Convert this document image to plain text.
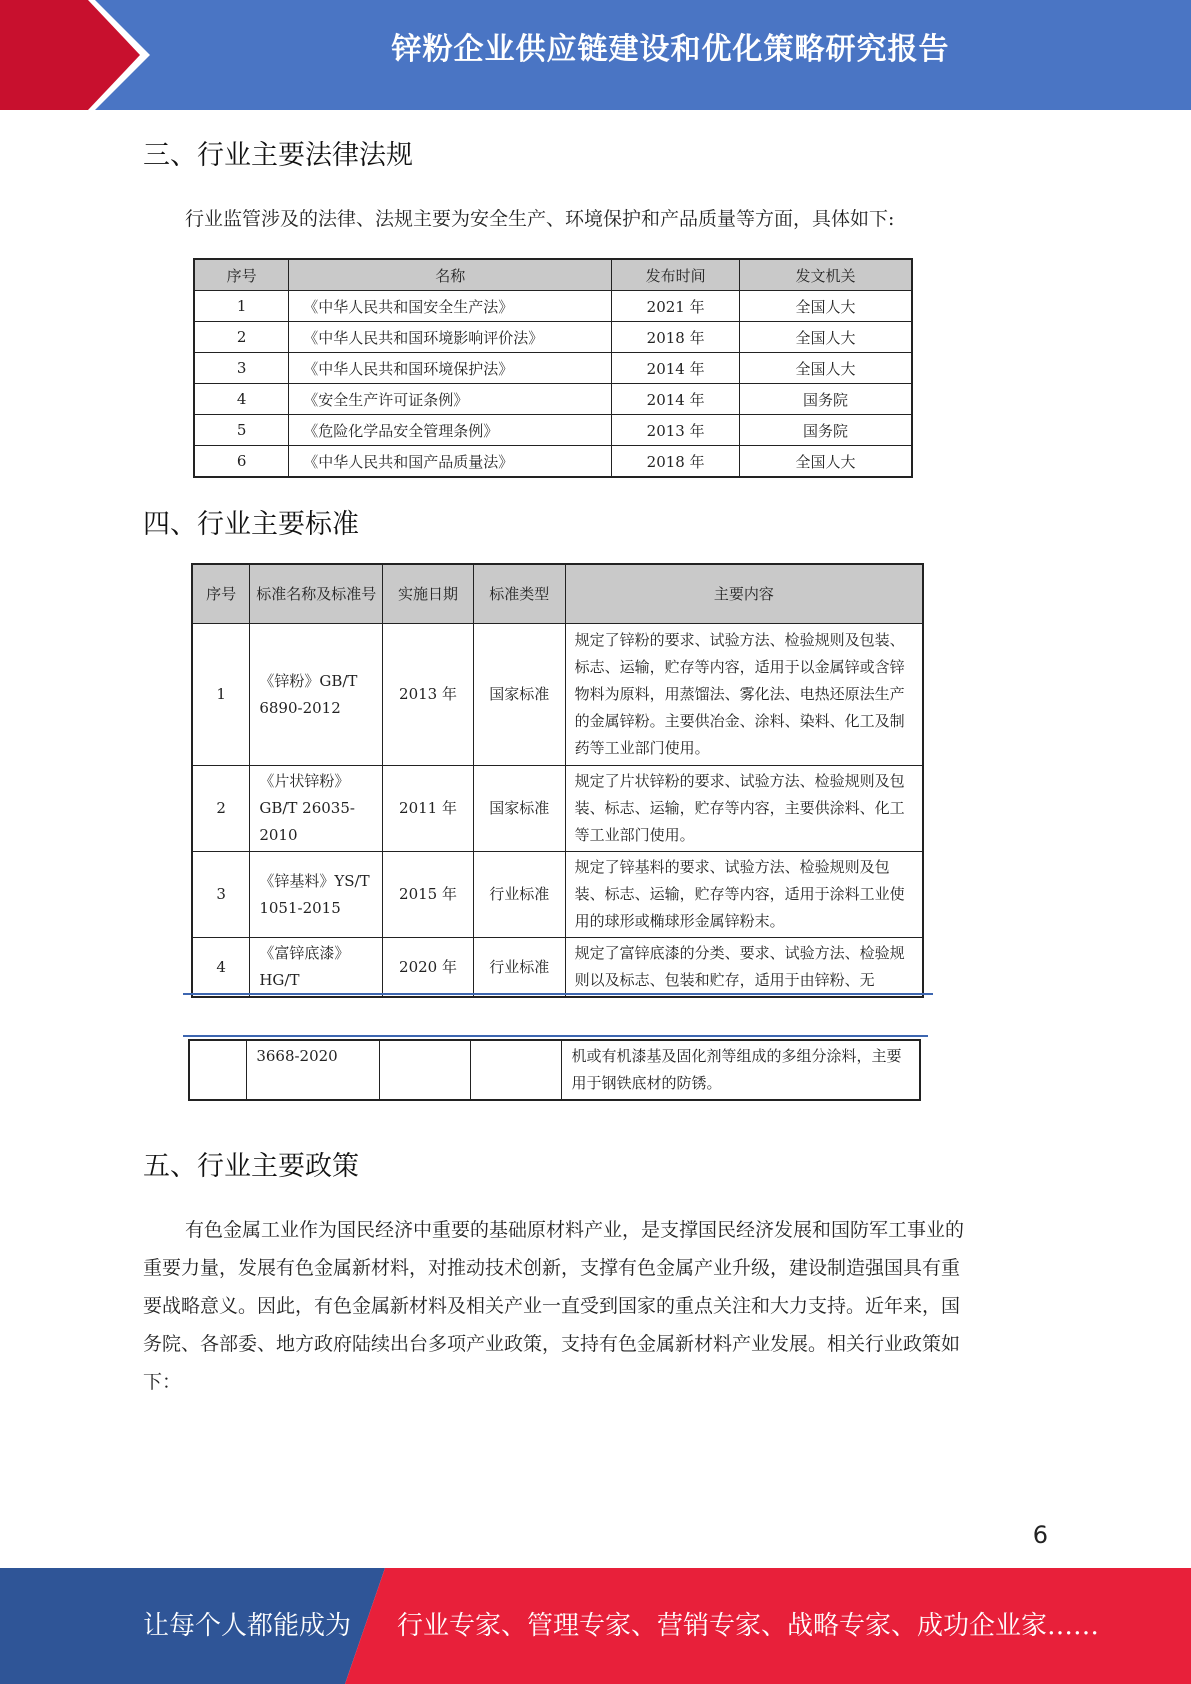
锌粉企业供应链建设和优化策略研究报告
三、行业主要法律法规
行业监管涉及的法律、法规主要为安全生产、环境保护和产品质量等方面，具体如下:
序号	名称	发布时间	发文机关
1	《中华人民共和国安全生产法》	2021 年	全国人大
2	《中华人民共和国环境影响评价法》	2018 年	全国人大
3	《中华人民共和国环境保护法》	2014 年	全国人大
4	《安全生产许可证条例》	2014 年	国务院
5	《危险化学品安全管理条例》	2013 年	国务院
6	《中华人民共和国产品质量法》	2018 年	全国人大
四、行业主要标准
序号	标准名称及标准号	实施日期	标准类型	主要内容
1	《锌粉》GB/T 6890-2012	2013 年	国家标准	规定了锌粉的要求、试验方法、检验规则及包装、标志、运输，贮存等内容，适用于以金属锌或含锌物料为原料，用蒸馏法、雾化法、电热还原法生产的金属锌粉。主要供冶金、涂料、染料、化工及制药等工业部门使用。
2	《片状锌粉》GB/T 26035-2010	2011 年	国家标准	规定了片状锌粉的要求、试验方法、检验规则及包装、标志、运输，贮存等内容，主要供涂料、化工等工业部门使用。
3	《锌基料》YS/T 1051-2015	2015 年	行业标准	规定了锌基料的要求、试验方法、检验规则及包装、标志、运输，贮存等内容，适用于涂料工业使用的球形或椭球形金属锌粉末。
4	《富锌底漆》HG/T	2020 年	行业标准	规定了富锌底漆的分类、要求、试验方法、检验规则以及标志、包装和贮存，适用于由锌粉、无
	3668-2020			机或有机漆基及固化剂等组成的多组分涂料，主要用于钢铁底材的防锈。
五、行业主要政策
有色金属工业作为国民经济中重要的基础原材料产业，是支撑国民经济发展和国防军工事业的
重要力量，发展有色金属新材料，对推动技术创新，支撑有色金属产业升级，建设制造强国具有重
要战略意义。因此，有色金属新材料及相关产业一直受到国家的重点关注和大力支持。近年来，国
务院、各部委、地方政府陆续出台多项产业政策，支持有色金属新材料产业发展。相关行业政策如
下：
6
让每个人都能成为 行业专家、管理专家、营销专家、战略专家、成功企业家……
